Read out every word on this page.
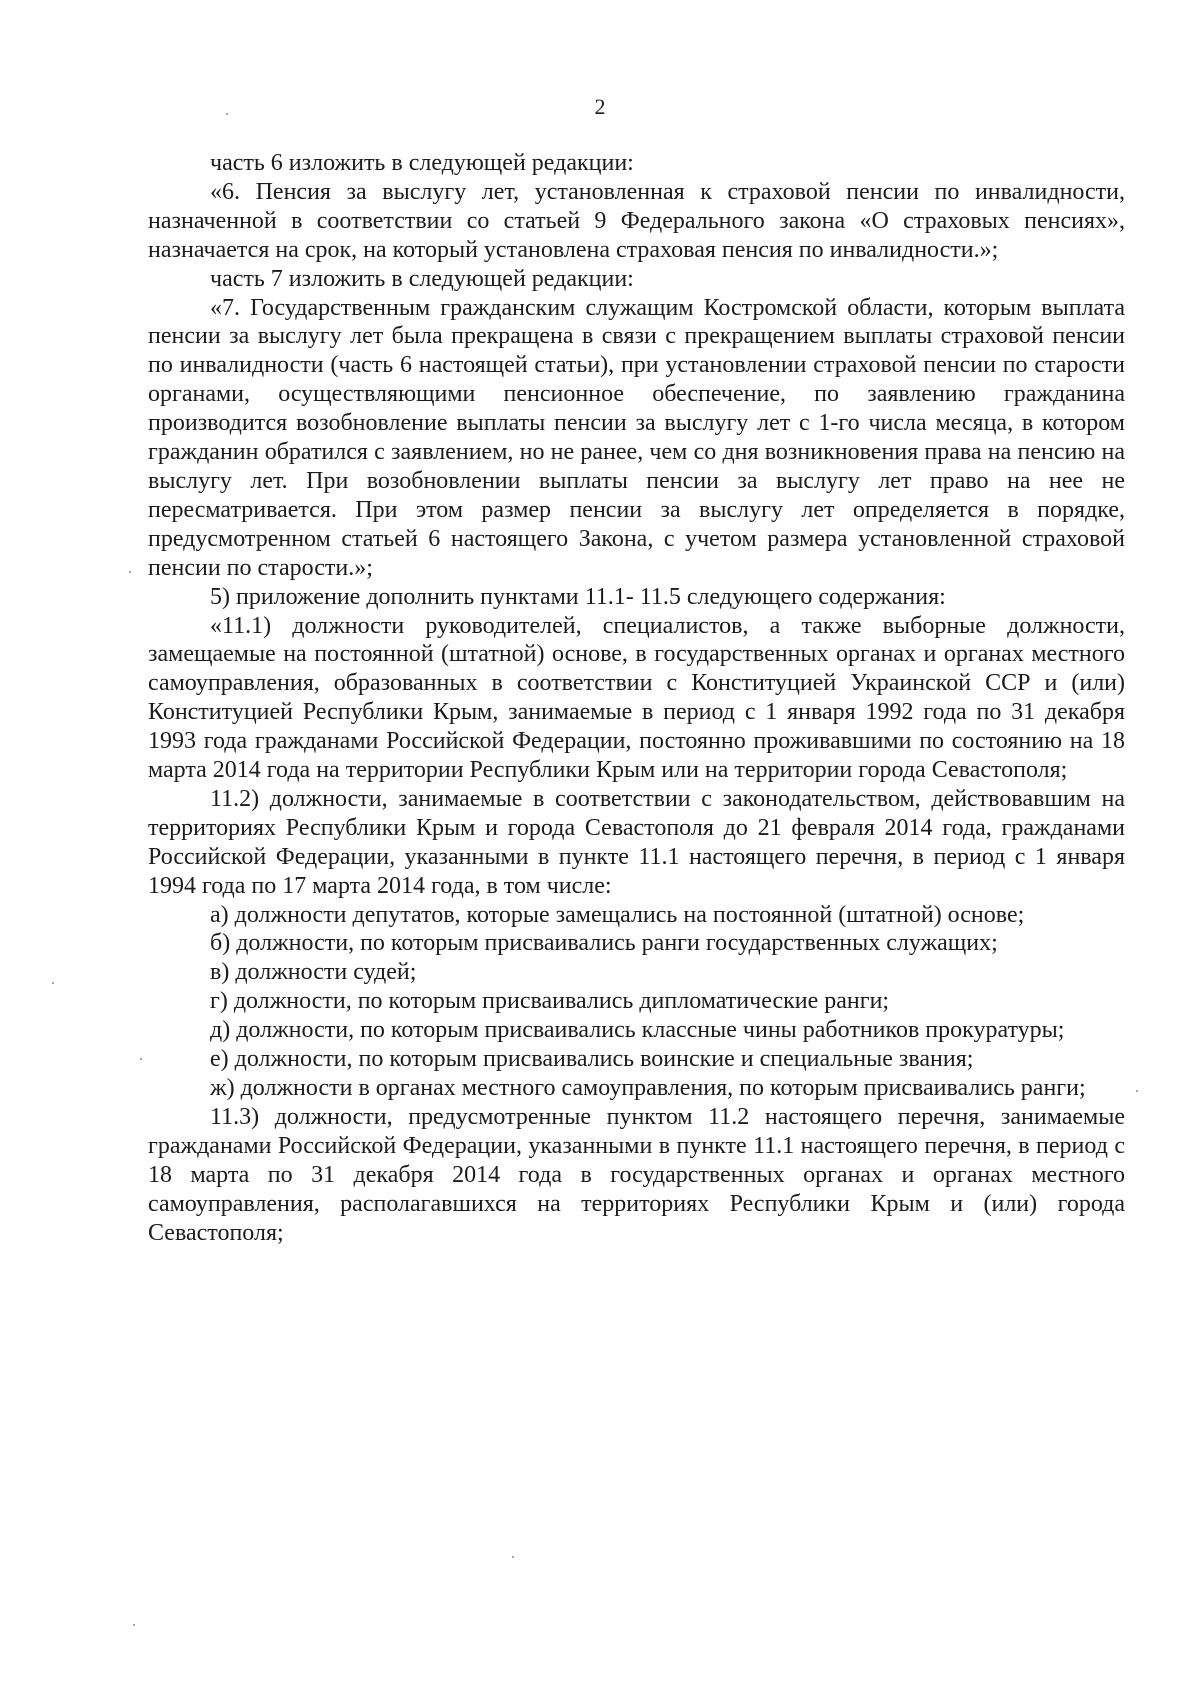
2

часть 6 изложить в следующей редакции:

«6. Пенсия за выслугу лет, установленная к страховой пенсии по инвалидности, назначенной в соответствии со статьей 9 Федерального закона «О страховых пенсиях», назначается на срок, на который установлена страховая пенсия по инвалидности.»;

часть 7 изложить в следующей редакции:

«7. Государственным гражданским служащим Костромской области, которым выплата пенсии за выслугу лет была прекращена в связи с прекращением выплаты страховой пенсии по инвалидности (часть 6 настоящей статьи), при установлении страховой пенсии по старости органами, осуществляющими пенсионное обеспечение, по заявлению гражданина производится возобновление выплаты пенсии за выслугу лет с 1-го числа месяца, в котором гражданин обратился с заявлением, но не ранее, чем со дня возникновения права на пенсию на выслугу лет. При возобновлении выплаты пенсии за выслугу лет право на нее не пересматривается. При этом размер пенсии за выслугу лет определяется в порядке, предусмотренном статьей 6 настоящего Закона, с учетом размера установленной страховой пенсии по старости.»;

5) приложение дополнить пунктами 11.1- 11.5 следующего содержания:

«11.1) должности руководителей, специалистов, а также выборные должности, замещаемые на постоянной (штатной) основе, в государственных органах и органах местного самоуправления, образованных в соответствии с Конституцией Украинской ССР и (или) Конституцией Республики Крым, занимаемые в период с 1 января 1992 года по 31 декабря 1993 года гражданами Российской Федерации, постоянно проживавшими по состоянию на 18 марта 2014 года на территории Республики Крым или на территории города Севастополя;

11.2) должности, занимаемые в соответствии с законодательством, действовавшим на территориях Республики Крым и города Севастополя до 21 февраля 2014 года, гражданами Российской Федерации, указанными в пункте 11.1 настоящего перечня, в период с 1 января 1994 года по 17 марта 2014 года, в том числе:

а) должности депутатов, которые замещались на постоянной (штатной) основе;

б) должности, по которым присваивались ранги государственных служащих;

в) должности судей;

г) должности, по которым присваивались дипломатические ранги;

д) должности, по которым присваивались классные чины работников прокуратуры;

е) должности, по которым присваивались воинские и специальные звания;

ж) должности в органах местного самоуправления, по которым присваивались ранги;

11.3) должности, предусмотренные пунктом 11.2 настоящего перечня, занимаемые гражданами Российской Федерации, указанными в пункте 11.1 настоящего перечня, в период с 18 марта по 31 декабря 2014 года в государственных органах и органах местного самоуправления, располагавшихся на территориях Республики Крым и (или) города Севастополя;
